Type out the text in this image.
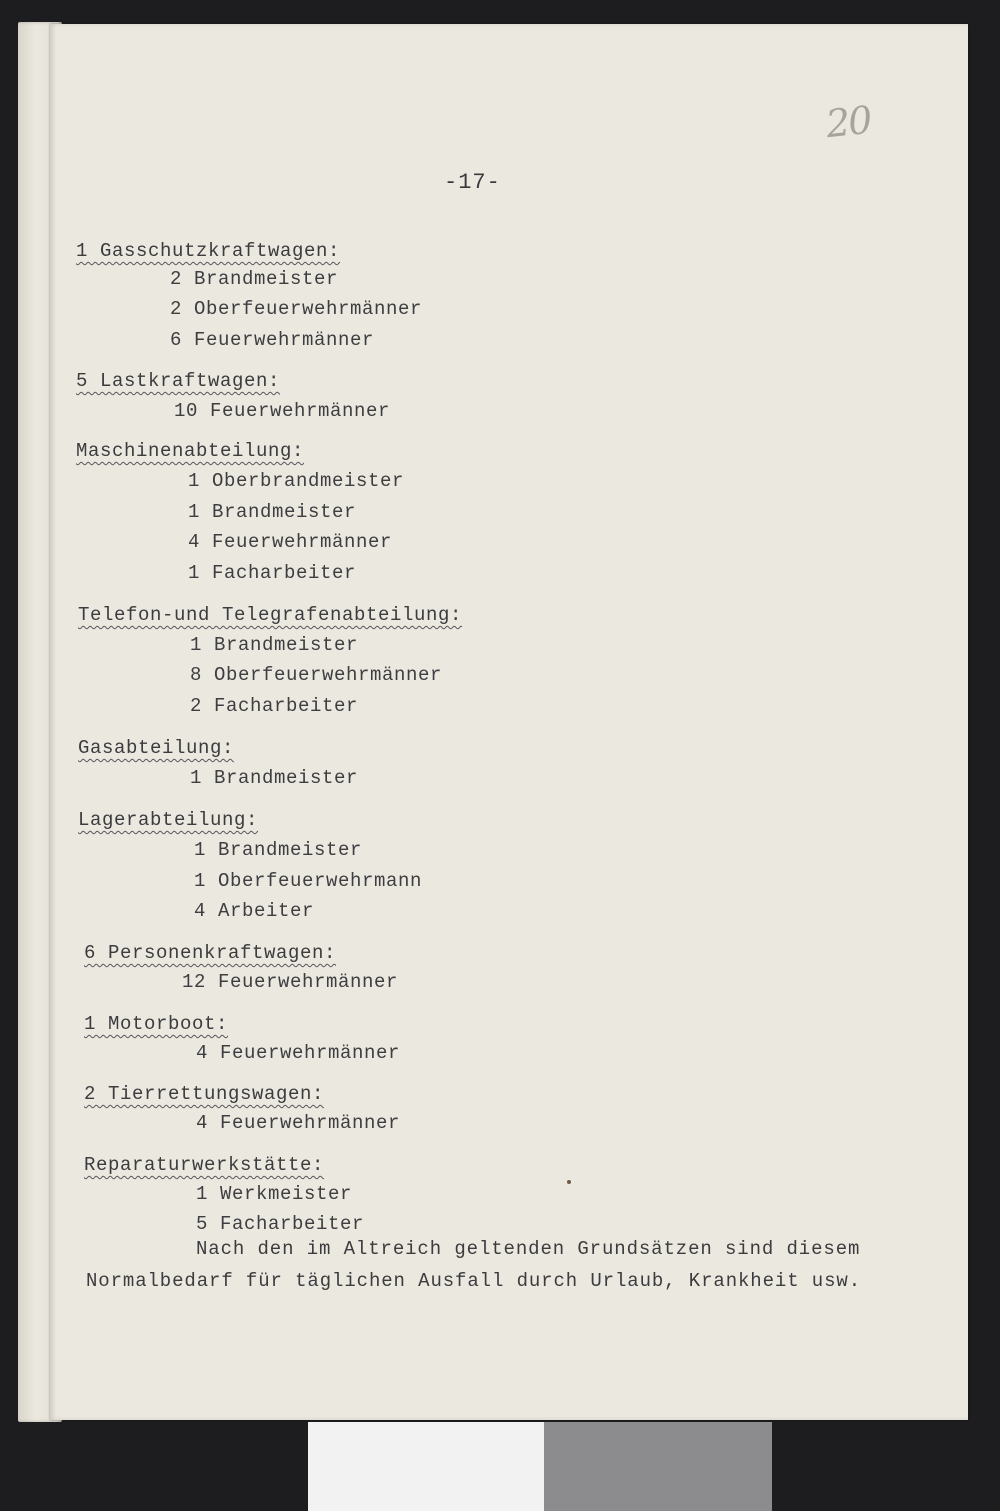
20
-17-
1 Gasschutzkraftwagen:
2 Brandmeister
2 Oberfeuerwehrmänner
6 Feuerwehrmänner
5 Lastkraftwagen:
10 Feuerwehrmänner
Maschinenabteilung:
1 Oberbrandmeister
1 Brandmeister
4 Feuerwehrmänner
1 Facharbeiter
Telefon-und Telegrafenabteilung:
1 Brandmeister
8 Oberfeuerwehrmänner
2 Facharbeiter
Gasabteilung:
1 Brandmeister
Lagerabteilung:
1 Brandmeister
1 Oberfeuerwehrmann
4 Arbeiter
6 Personenkraftwagen:
12 Feuerwehrmänner
1 Motorboot:
4 Feuerwehrmänner
2 Tierrettungswagen:
4 Feuerwehrmänner
Reparaturwerkstätte:
1 Werkmeister
5 Facharbeiter
Nach den im Altreich geltenden Grundsätzen sind diesem
Normalbedarf für täglichen Ausfall durch Urlaub, Krankheit usw.
